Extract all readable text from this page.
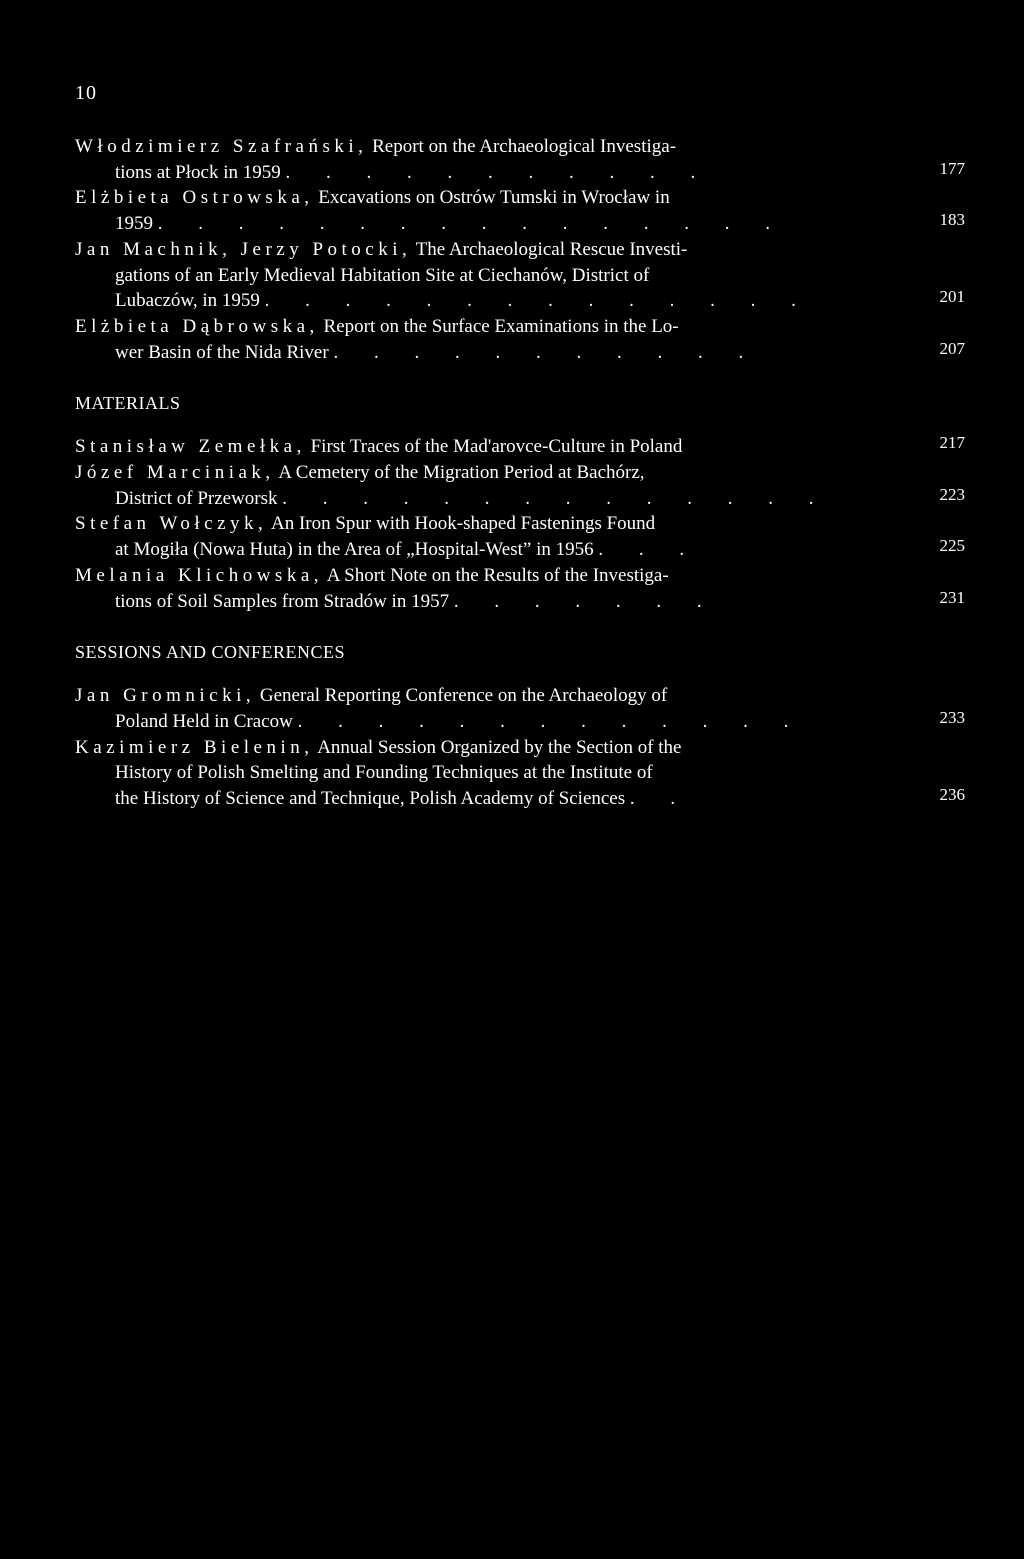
10
Włodzimierz Szafrański, Report on the Archaeological Investiga-
tions at Płock in 1959 . . . . . . . . . . .	177
Elżbieta Ostrowska, Excavations on Ostrów Tumski in Wrocław in
1959 . . . . . . . . . . . . . . . .	183
Jan Machnik, Jerzy Potocki, The Archaeological Rescue Investi-
gations of an Early Medieval Habitation Site at Ciechanów, District of
Lubaczów, in 1959 . . . . . . . . . . . . . .	201
Elżbieta Dąbrowska, Report on the Surface Examinations in the Lo-
wer Basin of the Nida River . . . . . . . . . . .	207
MATERIALS
Stanisław Zemełka, First Traces of the Mad'arovce-Culture in Poland	217
Józef Marciniak, A Cemetery of the Migration Period at Bachórz,
District of Przeworsk . . . . . . . . . . . . . .	223
Stefan Wołczyk, An Iron Spur with Hook-shaped Fastenings Found
at Mogiła (Nowa Huta) in the Area of „Hospital-West” in 1956 . . .	225
Melania Klichowska, A Short Note on the Results of the Investiga-
tions of Soil Samples from Stradów in 1957 . . . . . . .	231
SESSIONS AND CONFERENCES
Jan Gromnicki, General Reporting Conference on the Archaeology of
Poland Held in Cracow . . . . . . . . . . . . .	233
Kazimierz Bielenin, Annual Session Organized by the Section of the
History of Polish Smelting and Founding Techniques at the Institute of
the History of Science and Technique, Polish Academy of Sciences . .	236
